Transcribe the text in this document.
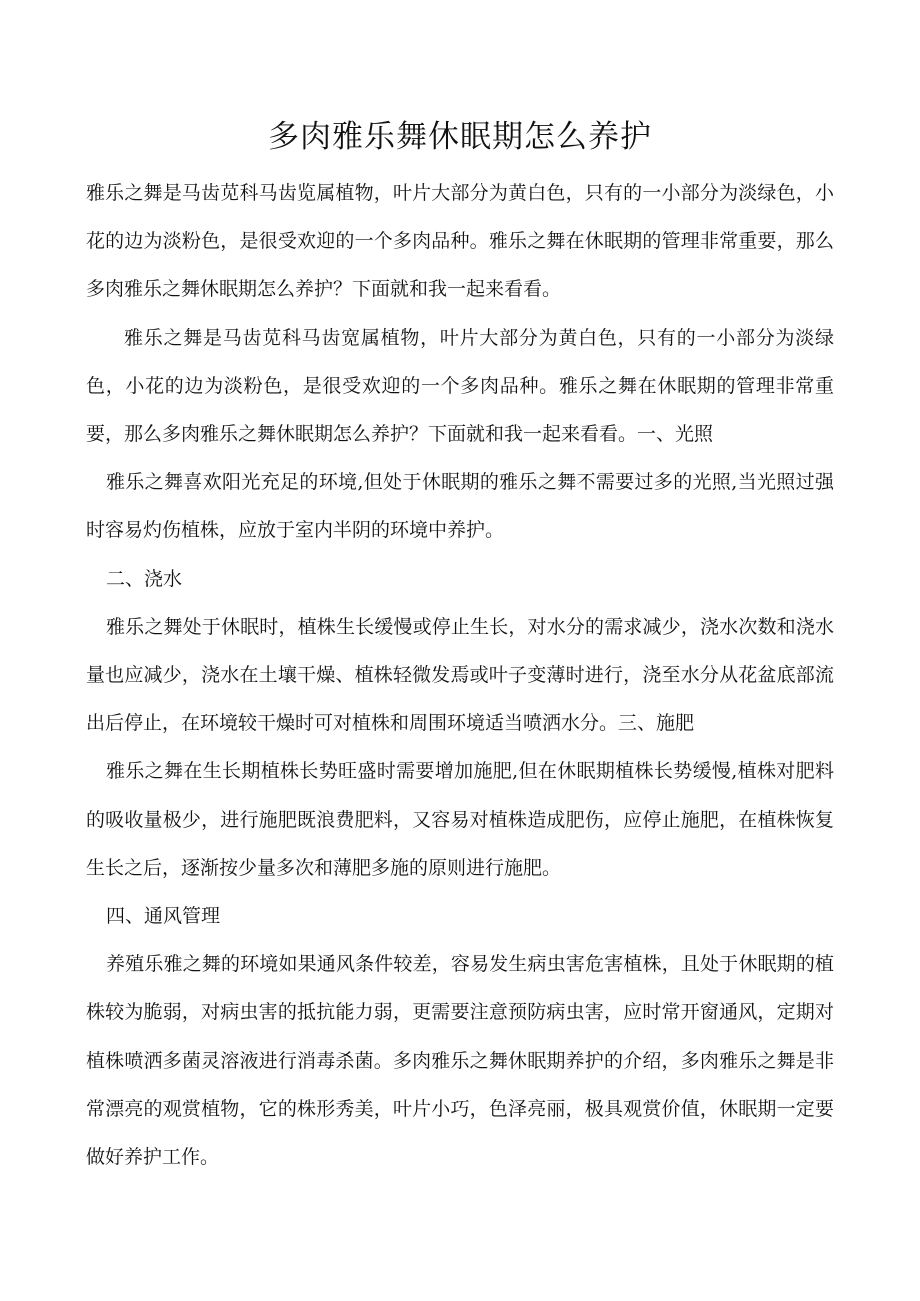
多肉雅乐舞休眠期怎么养护

雅乐之舞是马齿苋科马齿览属植物，叶片大部分为黄白色，只有的一小部分为淡绿色，小花的边为淡粉色，是很受欢迎的一个多肉品种。雅乐之舞在休眠期的管理非常重要，那么多肉雅乐之舞休眠期怎么养护？下面就和我一起来看看。

雅乐之舞是马齿苋科马齿宽属植物，叶片大部分为黄白色，只有的一小部分为淡绿色，小花的边为淡粉色，是很受欢迎的一个多肉品种。雅乐之舞在休眠期的管理非常重要，那么多肉雅乐之舞休眠期怎么养护？下面就和我一起来看看。一、光照

雅乐之舞喜欢阳光充足的环境,但处于休眠期的雅乐之舞不需要过多的光照,当光照过强时容易灼伤植株，应放于室内半阴的环境中养护。

二、浇水

雅乐之舞处于休眠时，植株生长缓慢或停止生长，对水分的需求减少，浇水次数和浇水量也应减少，浇水在土壤干燥、植株轻微发焉或叶子变薄时进行，浇至水分从花盆底部流出后停止，在环境较干燥时可对植株和周围环境适当喷洒水分。三、施肥

雅乐之舞在生长期植株长势旺盛时需要增加施肥,但在休眠期植株长势缓慢,植株对肥料的吸收量极少，进行施肥既浪费肥料，又容易对植株造成肥伤，应停止施肥，在植株恢复生长之后，逐渐按少量多次和薄肥多施的原则进行施肥。

四、通风管理

养殖乐雅之舞的环境如果通风条件较差，容易发生病虫害危害植株，且处于休眠期的植株较为脆弱，对病虫害的抵抗能力弱，更需要注意预防病虫害，应时常开窗通风，定期对植株喷洒多菌灵溶液进行消毒杀菌。多肉雅乐之舞休眠期养护的介绍，多肉雅乐之舞是非常漂亮的观赏植物，它的株形秀美，叶片小巧，色泽亮丽，极具观赏价值，休眠期一定要做好养护工作。
